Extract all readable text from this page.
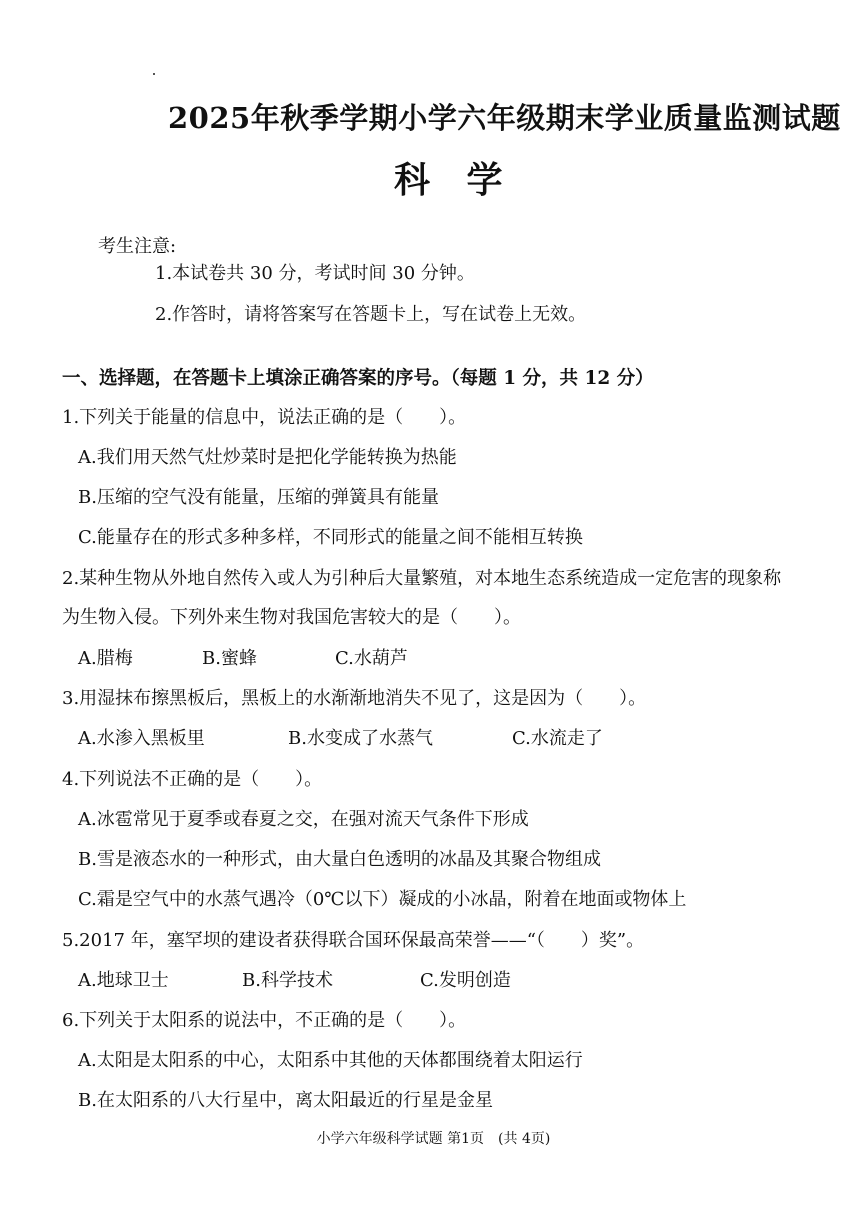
2025年秋季学期小学六年级期末学业质量监测试题
科 学
考生注意:
1.本试卷共 30 分，考试时间 30 分钟。
2.作答时，请将答案写在答题卡上，写在试卷上无效。
一、选择题，在答题卡上填涂正确答案的序号。（每题 1 分，共 12 分）
1.下列关于能量的信息中，说法正确的是（　　）。
A.我们用天然气灶炒菜时是把化学能转换为热能
B.压缩的空气没有能量，压缩的弹簧具有能量
C.能量存在的形式多种多样，不同形式的能量之间不能相互转换
2.某种生物从外地自然传入或人为引种后大量繁殖，对本地生态系统造成一定危害的现象称
为生物入侵。下列外来生物对我国危害较大的是（　　）。
A.腊梅	B.蜜蜂	C.水葫芦
3.用湿抹布擦黑板后，黑板上的水渐渐地消失不见了，这是因为（　　）。
A.水渗入黑板里	B.水变成了水蒸气	C.水流走了
4.下列说法不正确的是（　　）。
A.冰雹常见于夏季或春夏之交，在强对流天气条件下形成
B.雪是液态水的一种形式，由大量白色透明的冰晶及其聚合物组成
C.霜是空气中的水蒸气遇冷（0℃以下）凝成的小冰晶，附着在地面或物体上
5.2017 年，塞罕坝的建设者获得联合国环保最高荣誉——“（　　）奖”。
A.地球卫士	B.科学技术	C.发明创造
6.下列关于太阳系的说法中，不正确的是（　　）。
A.太阳是太阳系的中心，太阳系中其他的天体都围绕着太阳运行
B.在太阳系的八大行星中，离太阳最近的行星是金星
小学六年级科学试题 第1页　(共 4页)
